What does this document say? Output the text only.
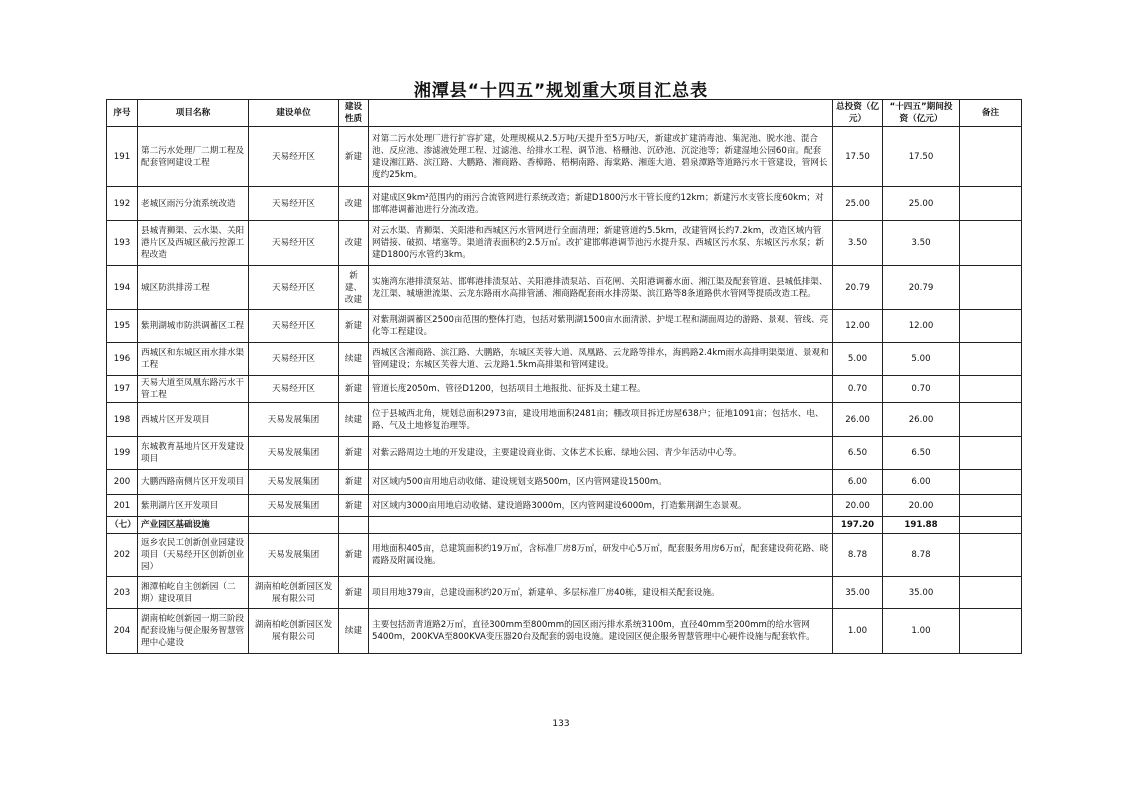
湘潭县“十四五”规划重大项目汇总表
序号	项目名称	建设单位	建设性质		总投资（亿元）	“十四五”期间投资（亿元）	备注
191	第二污水处理厂二期工程及配套管网建设工程	天易经开区	新建	对第二污水处理厂进行扩容扩建，处理规模从2.5万吨/天提升至5万吨/天，新建或扩建消毒池、集泥池、脱水池、混合池、反应池、渗滤液处理工程、过滤池、给排水工程、调节池、格栅池、沉砂池、沉淀池等；新建湿地公园60亩。配套建设湘江路、滨江路、大鹏路、湘商路、香樟路、梧桐南路、海棠路、湘莲大道、碧泉潭路等道路污水干管建设，管网长度约25km。	17.50	17.50	
192	老城区雨污分流系统改造	天易经开区	改建	对建成区9km²范围内的雨污合流管网进行系统改造；新建D1800污水干管长度约12km；新建污水支管长度60km；对邯郸港调蓄池进行分流改造。	25.00	25.00	
193	县城青狮渠、云水渠、关阳港片区及西城区截污控源工程改造	天易经开区	改建	对云水渠、青狮渠、关阳港和西城区污水管网进行全面清理；新建管道约5.5km，改建管网长约7.2km，改造区域内管网错接、破损、堵塞等。渠道清表面积约2.5万㎡。改扩建邯郸港调节池污水提升泵、西城区污水泵、东城区污水泵；新建D1800污水管约3km。	3.50	3.50	
194	城区防洪排涝工程	天易经开区	新建、改建	实施湾东港排渍泵站、邯郸港排渍泵站、关阳港排渍泵站、百花闸、关阳港调蓄水面、湘江渠及配套管道、县城低排渠、龙江渠、城塘泄流渠、云龙东路雨水高排管涵、湘商路配套雨水排涝渠、滨江路等8条道路供水管网等提质改造工程。	20.79	20.79	
195	紫荆湖城市防洪调蓄区工程	天易经开区	新建	对紫荆湖调蓄区2500亩范围的整体打造，包括对紫荆湖1500亩水面清淤、护堤工程和湖面周边的游路、景观、管线、亮化等工程建设。	12.00	12.00	
196	西城区和东城区雨水排水渠工程	天易经开区	续建	西城区含湘商路、滨江路、大鹏路，东城区芙蓉大道、凤凰路、云龙路等排水，海鸥路2.4km雨水高排明渠渠道、景观和管网建设；东城区芙蓉大道、云龙路1.5km高排渠和管网建设。	5.00	5.00	
197	天易大道至凤凰东路污水干管工程	天易经开区	新建	管道长度2050m、管径D1200，包括项目土地报批、征拆及土建工程。	0.70	0.70	
198	西城片区开发项目	天易发展集团	续建	位于县城西北角，规划总面积2973亩，建设用地面积2481亩；棚改项目拆迁房屋638户；征地1091亩；包括水、电、路、气及土地修复治理等。	26.00	26.00	
199	东城教育基地片区开发建设项目	天易发展集团	新建	对紫云路周边土地的开发建设，主要建设商业街、文体艺术长廊、绿地公园、青少年活动中心等。	6.50	6.50	
200	大鹏西路南侧片区开发项目	天易发展集团	新建	对区域内500亩用地启动收储、建设规划支路500m，区内管网建设1500m。	6.00	6.00	
201	紫荆湖片区开发项目	天易发展集团	新建	对区域内3000亩用地启动收储、建设道路3000m，区内管网建设6000m，打造紫荆湖生态景观。	20.00	20.00	
（七）	产业园区基础设施				197.20	191.88	
202	返乡农民工创新创业园建设项目（天易经开区创新创业园）	天易发展集团	新建	用地面积405亩，总建筑面积约19万㎡，含标准厂房8万㎡，研发中心5万㎡，配套服务用房6万㎡，配套建设荷花路、晓霞路及附属设施。	8.78	8.78	
203	湘潭柏屹自主创新园（二期）建设项目	湖南柏屹创新园区发展有限公司	新建	项目用地379亩，总建设面积约20万㎡，新建单、多层标准厂房40栋，建设相关配套设施。	35.00	35.00	
204	湖南柏屹创新园一期三阶段配套设施与便企服务智慧管理中心建设	湖南柏屹创新园区发展有限公司	续建	主要包括沥青道路2万㎡，直径300mm至800mm的园区雨污排水系统3100m，直径40mm至200mm的给水管网5400m，200KVA至800KVA变压器20台及配套的弱电设施。建设园区便企服务智慧管理中心硬件设施与配套软件。	1.00	1.00	
133
